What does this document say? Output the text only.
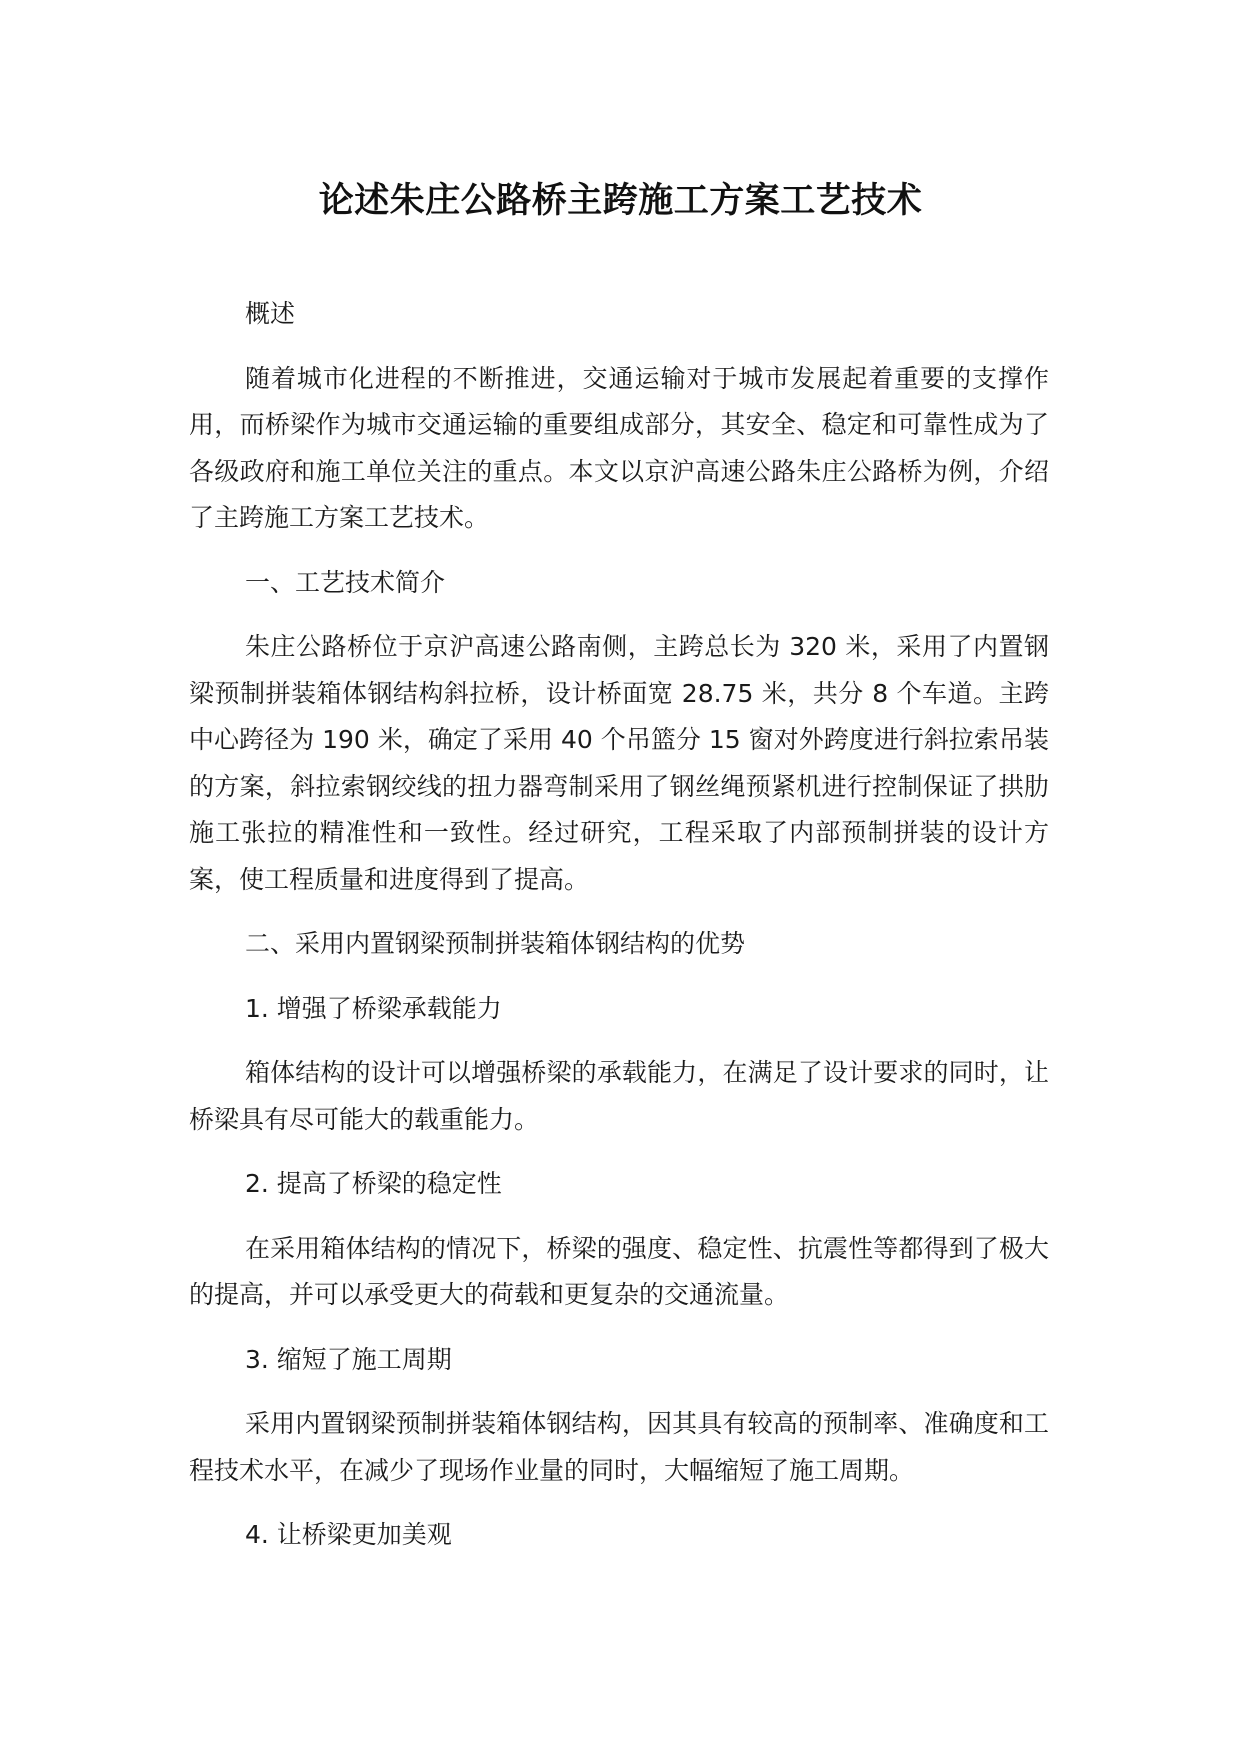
论述朱庄公路桥主跨施工方案工艺技术

概述

随着城市化进程的不断推进，交通运输对于城市发展起着重要的支撑作用，而桥梁作为城市交通运输的重要组成部分，其安全、稳定和可靠性成为了各级政府和施工单位关注的重点。本文以京沪高速公路朱庄公路桥为例，介绍了主跨施工方案工艺技术。

一、工艺技术简介

朱庄公路桥位于京沪高速公路南侧，主跨总长为 320 米，采用了内置钢梁预制拼装箱体钢结构斜拉桥，设计桥面宽 28.75 米，共分 8 个车道。主跨中心跨径为 190 米，确定了采用 40 个吊篮分 15 窗对外跨度进行斜拉索吊装的方案，斜拉索钢绞线的扭力器弯制采用了钢丝绳预紧机进行控制保证了拱肋施工张拉的精准性和一致性。经过研究，工程采取了内部预制拼装的设计方案，使工程质量和进度得到了提高。

二、采用内置钢梁预制拼装箱体钢结构的优势

1. 增强了桥梁承载能力

箱体结构的设计可以增强桥梁的承载能力，在满足了设计要求的同时，让桥梁具有尽可能大的载重能力。

2. 提高了桥梁的稳定性

在采用箱体结构的情况下，桥梁的强度、稳定性、抗震性等都得到了极大的提高，并可以承受更大的荷载和更复杂的交通流量。

3. 缩短了施工周期

采用内置钢梁预制拼装箱体钢结构，因其具有较高的预制率、准确度和工程技术水平，在减少了现场作业量的同时，大幅缩短了施工周期。

4. 让桥梁更加美观
